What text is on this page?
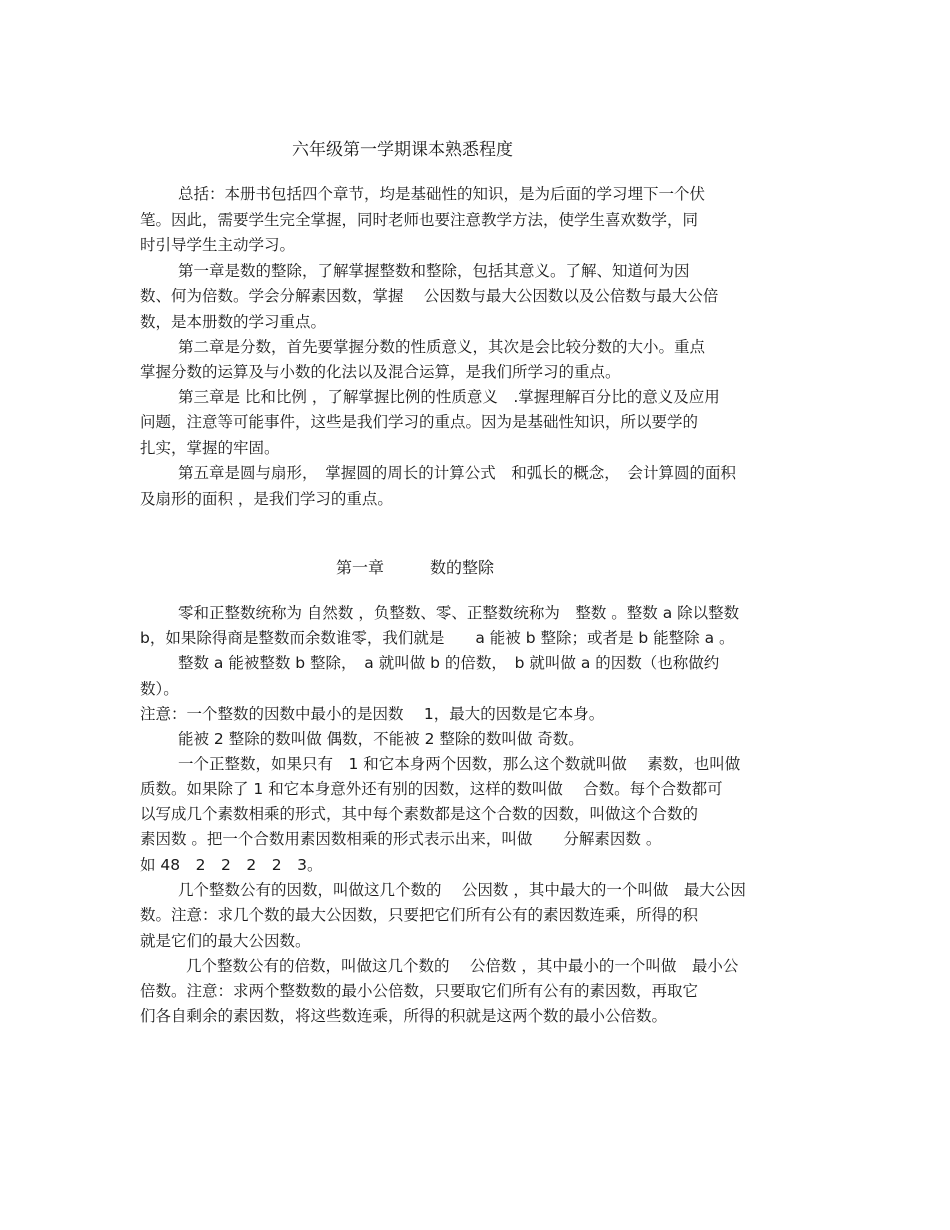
六年级第一学期课本熟悉程度
总括：本册书包括四个章节，均是基础性的知识，是为后面的学习埋下一个伏
笔。因此，需要学生完全掌握，同时老师也要注意教学方法，使学生喜欢数学，同
时引导学生主动学习。
第一章是数的整除，了解掌握整数和整除，包括其意义。了解、知道何为因
数、何为倍数。学会分解素因数，掌握　 公因数与最大公因数以及公倍数与最大公倍
数，是本册数的学习重点。
第二章是分数，首先要掌握分数的性质意义，其次是会比较分数的大小。重点
掌握分数的运算及与小数的化法以及混合运算，是我们所学习的重点。
第三章是 比和比例 ，了解掌握比例的性质意义　.掌握理解百分比的意义及应用
问题，注意等可能事件，这些是我们学习的重点。因为是基础性知识，所以要学的
扎实，掌握的牢固。
第五章是圆与扇形，　掌握圆的周长的计算公式　和弧长的概念，　会计算圆的面积
及扇形的面积 ，是我们学习的重点。
第一章	数的整除
零和正整数统称为 自然数 ，负整数、零、正整数统称为　整数 。整数 a 除以整数
b，如果除得商是整数而余数谁零，我们就是　　a 能被 b 整除；或者是 b 能整除 a 。
整数 a 能被整数 b 整除，　a 就叫做 b 的倍数，　b 就叫做 a 的因数（也称做约
数）。
注意：一个整数的因数中最小的是因数　 1，最大的因数是它本身。
能被 2 整除的数叫做 偶数，不能被 2 整除的数叫做 奇数。
一个正整数，如果只有　1 和它本身两个因数，那么这个数就叫做　 素数，也叫做
质数。如果除了 1 和它本身意外还有别的因数，这样的数叫做　 合数。每个合数都可
以写成几个素数相乘的形式，其中每个素数都是这个合数的因数，叫做这个合数的
素因数 。把一个合数用素因数相乘的形式表示出来，叫做　　分解素因数 。
如 48　2　2　2　2　3。
几个整数公有的因数，叫做这几个数的　 公因数 ，其中最大的一个叫做　最大公因
数。注意：求几个数的最大公因数，只要把它们所有公有的素因数连乘，所得的积
就是它们的最大公因数。
几个整数公有的倍数，叫做这几个数的　 公倍数 ，其中最小的一个叫做　最小公
倍数。注意：求两个整数数的最小公倍数，只要取它们所有公有的素因数，再取它
们各自剩余的素因数，将这些数连乘，所得的积就是这两个数的最小公倍数。
